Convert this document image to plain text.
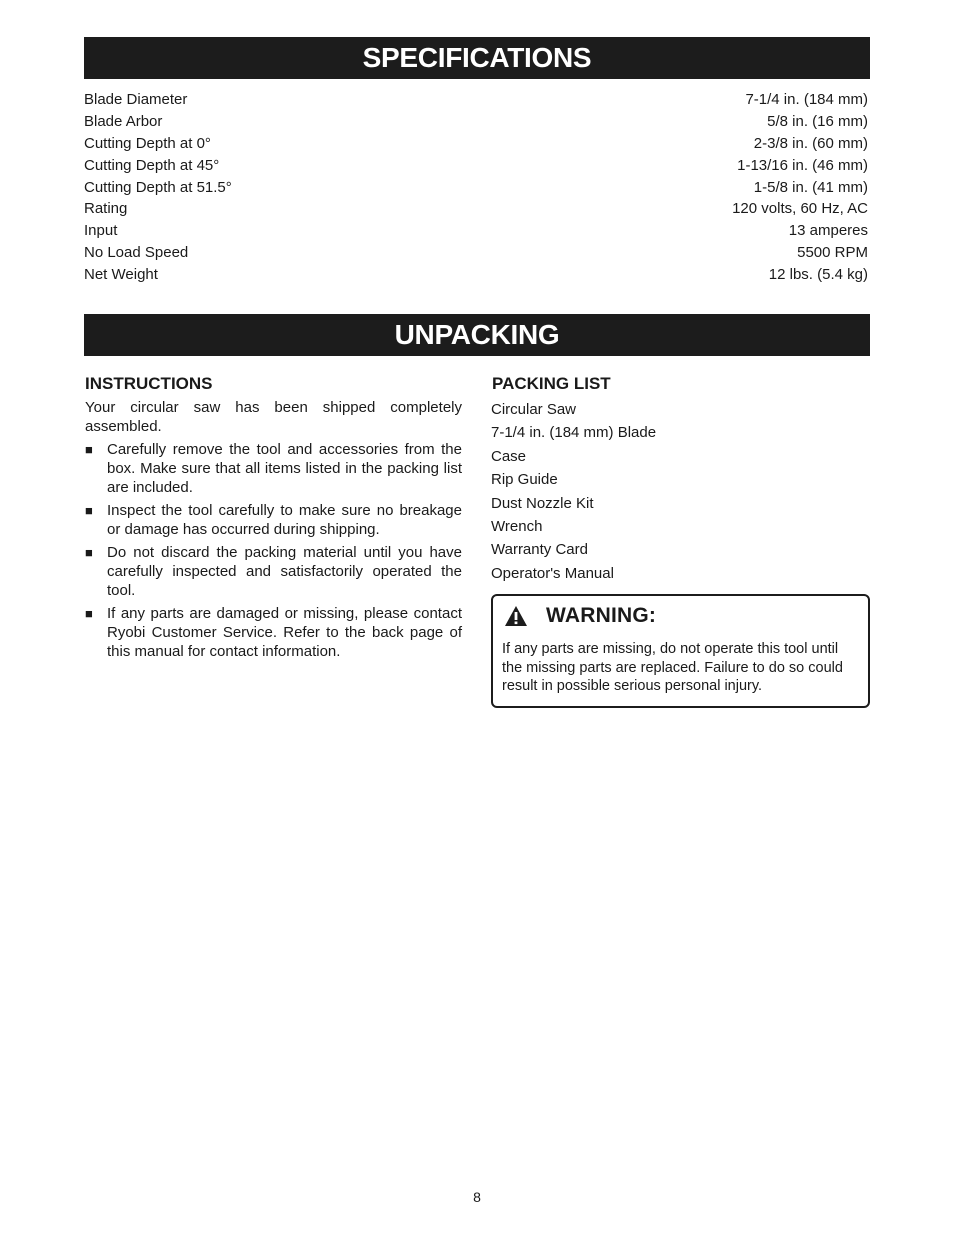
SPECIFICATIONS
Blade Diameter	7-1/4 in. (184 mm)
Blade Arbor	5/8 in. (16 mm)
Cutting Depth at 0°	2-3/8 in. (60 mm)
Cutting Depth at 45°	1-13/16 in. (46 mm)
Cutting Depth at 51.5°	1-5/8 in. (41 mm)
Rating	120 volts, 60 Hz, AC
Input	13 amperes
No Load Speed	5500 RPM
Net Weight	12 lbs. (5.4 kg)
UNPACKING
INSTRUCTIONS
Your circular saw has been shipped completely assembled.
■ Carefully remove the tool and accessories from the box. Make sure that all items listed in the packing list are included.
■ Inspect the tool carefully to make sure no breakage or damage has occurred during shipping.
■ Do not discard the packing material until you have carefully inspected and satisfactorily operated the tool.
■ If any parts are damaged or missing, please contact Ryobi Customer Service. Refer to the back page of this manual for contact information.
PACKING LIST
Circular Saw
7-1/4 in. (184 mm) Blade
Case
Rip Guide
Dust Nozzle Kit
Wrench
Warranty Card
Operator's Manual
WARNING:
If any parts are missing, do not operate this tool until the missing parts are replaced. Failure to do so could result in possible serious personal injury.
8
